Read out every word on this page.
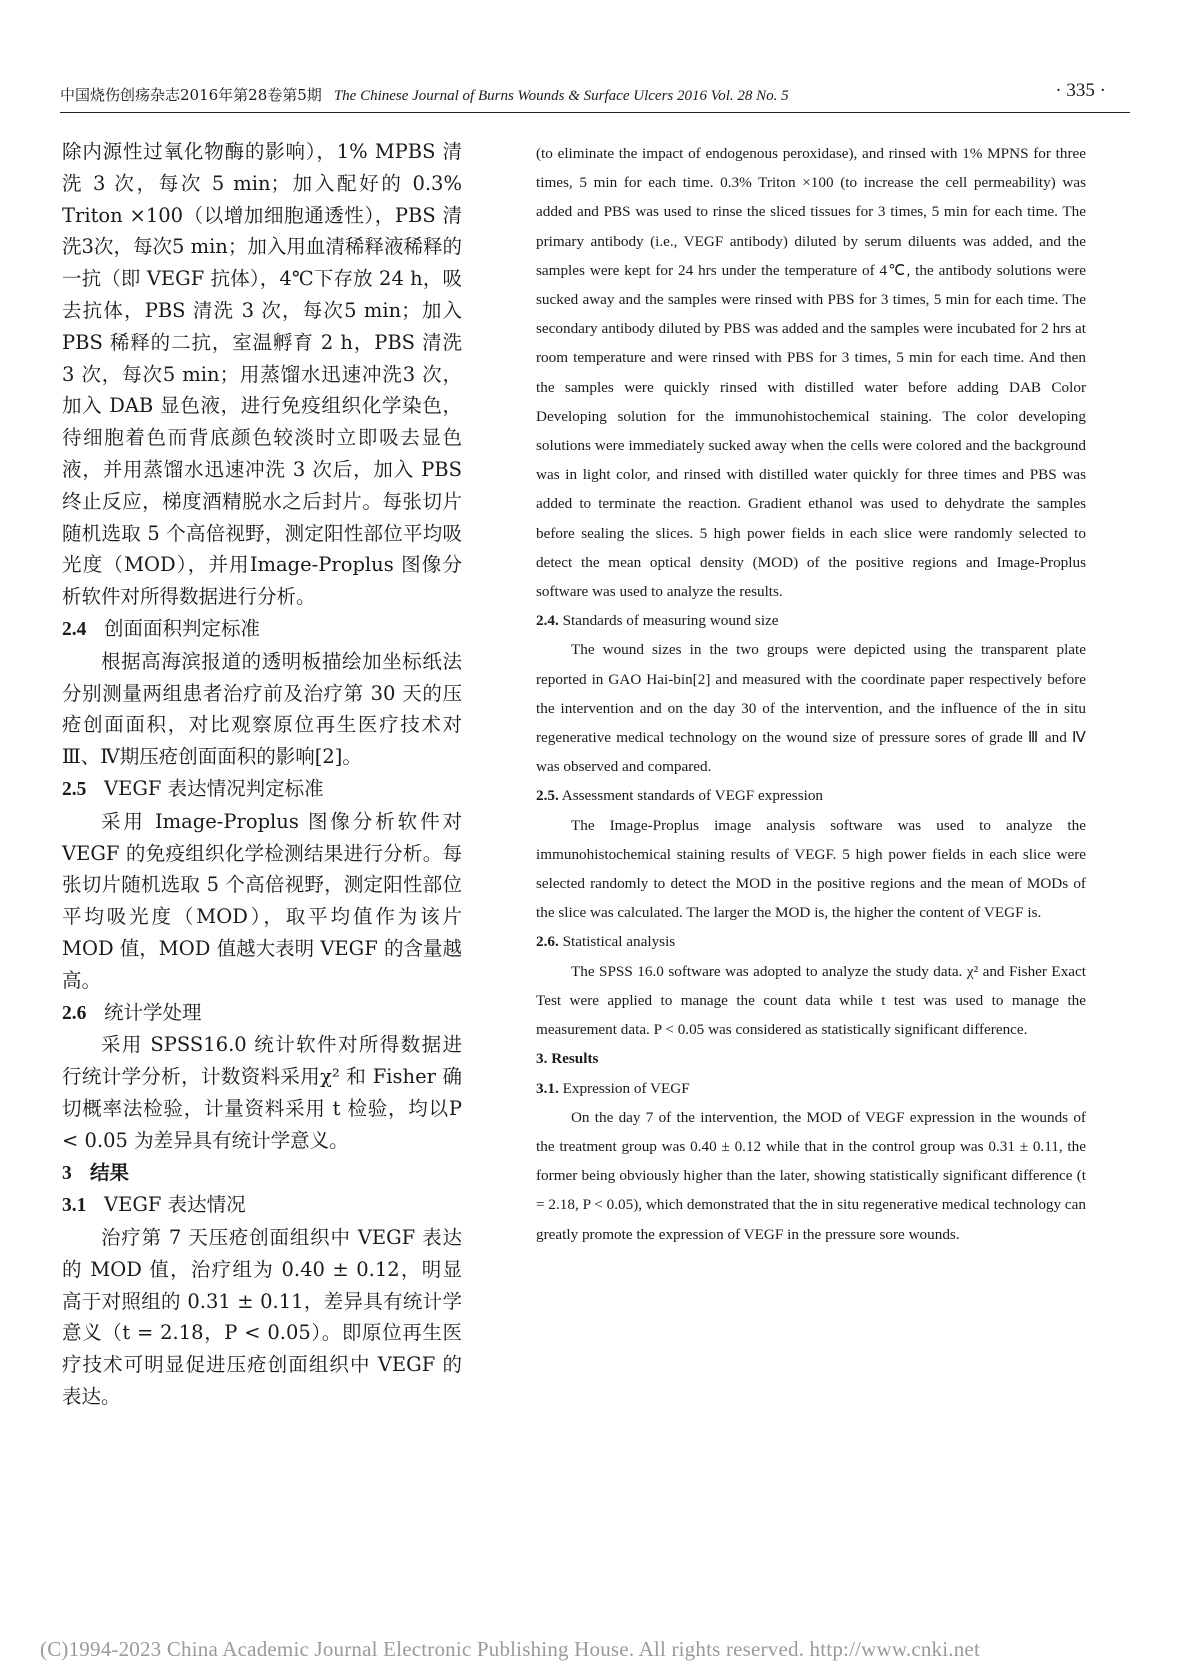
中国烧伤创疡杂志2016年第28卷第5期 The Chinese Journal of Burns Wounds & Surface Ulcers 2016 Vol. 28 No. 5	· 335 ·

除内源性过氧化物酶的影响），1% MPBS 清洗 3 次，每次 5 min；加入配好的 0.3% Triton ×100（以增加细胞通透性），PBS 清洗3次，每次5 min；加入用血清稀释液稀释的一抗（即 VEGF 抗体），4℃下存放 24 h，吸去抗体，PBS 清洗 3 次，每次5 min；加入 PBS 稀释的二抗，室温孵育 2 h，PBS 清洗 3 次，每次5 min；用蒸馏水迅速冲洗3 次，加入 DAB 显色液，进行免疫组织化学染色，待细胞着色而背底颜色较淡时立即吸去显色液，并用蒸馏水迅速冲洗 3 次后，加入 PBS 终止反应，梯度酒精脱水之后封片。每张切片随机选取 5 个高倍视野，测定阳性部位平均吸光度（MOD），并用Image-Proplus 图像分析软件对所得数据进行分析。

2.4 创面面积判定标准

根据高海滨报道的透明板描绘加坐标纸法分别测量两组患者治疗前及治疗第 30 天的压疮创面面积，对比观察原位再生医疗技术对Ⅲ、Ⅳ期压疮创面面积的影响[2]。

2.5 VEGF 表达情况判定标准

采用 Image-Proplus 图像分析软件对 VEGF 的免疫组织化学检测结果进行分析。每张切片随机选取 5 个高倍视野，测定阳性部位平均吸光度（MOD），取平均值作为该片 MOD 值，MOD 值越大表明 VEGF 的含量越高。

2.6 统计学处理

采用 SPSS16.0 统计软件对所得数据进行统计学分析，计数资料采用χ² 和 Fisher 确切概率法检验，计量资料采用 t 检验，均以P < 0.05 为差异具有统计学意义。

3 结果

3.1 VEGF 表达情况

治疗第 7 天压疮创面组织中 VEGF 表达的 MOD 值，治疗组为 0.40 ± 0.12，明显高于对照组的 0.31 ± 0.11，差异具有统计学意义（t = 2.18，P < 0.05）。即原位再生医疗技术可明显促进压疮创面组织中 VEGF 的表达。

(to eliminate the impact of endogenous peroxidase), and rinsed with 1% MPNS for three times, 5 min for each time. 0.3% Triton ×100 (to increase the cell permeability) was added and PBS was used to rinse the sliced tissues for 3 times, 5 min for each time. The primary antibody (i.e., VEGF antibody) diluted by serum diluents was added, and the samples were kept for 24 hrs under the temperature of 4℃, the antibody solutions were sucked away and the samples were rinsed with PBS for 3 times, 5 min for each time. The secondary antibody diluted by PBS was added and the samples were incubated for 2 hrs at room temperature and were rinsed with PBS for 3 times, 5 min for each time. And then the samples were quickly rinsed with distilled water before adding DAB Color Developing solution for the immunohistochemical staining. The color developing solutions were immediately sucked away when the cells were colored and the background was in light color, and rinsed with distilled water quickly for three times and PBS was added to terminate the reaction. Gradient ethanol was used to dehydrate the samples before sealing the slices. 5 high power fields in each slice were randomly selected to detect the mean optical density (MOD) of the positive regions and Image-Proplus software was used to analyze the results.

2.4. Standards of measuring wound size

The wound sizes in the two groups were depicted using the transparent plate reported in GAO Hai-bin[2] and measured with the coordinate paper respectively before the intervention and on the day 30 of the intervention, and the influence of the in situ regenerative medical technology on the wound size of pressure sores of grade Ⅲ and Ⅳ was observed and compared.

2.5. Assessment standards of VEGF expression

The Image-Proplus image analysis software was used to analyze the immunohistochemical staining results of VEGF. 5 high power fields in each slice were selected randomly to detect the MOD in the positive regions and the mean of MODs of the slice was calculated. The larger the MOD is, the higher the content of VEGF is.

2.6. Statistical analysis

The SPSS 16.0 software was adopted to analyze the study data. χ² and Fisher Exact Test were applied to manage the count data while t test was used to manage the measurement data. P < 0.05 was considered as statistically significant difference.

3. Results

3.1. Expression of VEGF

On the day 7 of the intervention, the MOD of VEGF expression in the wounds of the treatment group was 0.40 ± 0.12 while that in the control group was 0.31 ± 0.11, the former being obviously higher than the later, showing statistically significant difference (t = 2.18, P < 0.05), which demonstrated that the in situ regenerative medical technology can greatly promote the expression of VEGF in the pressure sore wounds.

(C)1994-2023 China Academic Journal Electronic Publishing House. All rights reserved. http://www.cnki.net
